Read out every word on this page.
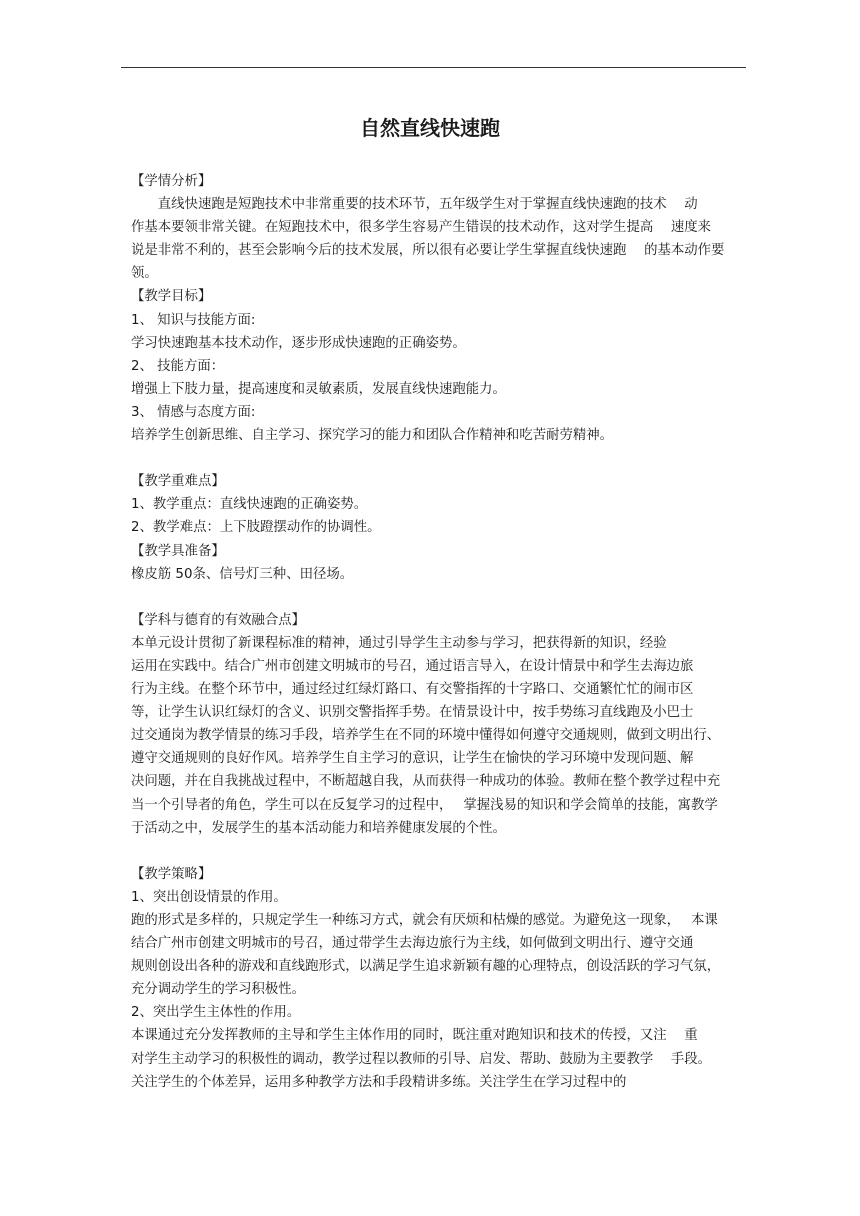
自然直线快速跑

【学情分析】

　　直线快速跑是短跑技术中非常重要的技术环节，五年级学生对于掌握直线快速跑的技术　 动

作基本要领非常关键。在短跑技术中，很多学生容易产生错误的技术动作，这对学生提高　 速度来

说是非常不利的，甚至会影响今后的技术发展，所以很有必要让学生掌握直线快速跑　 的基本动作要

领。

【教学目标】

1、 知识与技能方面:

学习快速跑基本技术动作，逐步形成快速跑的正确姿势。

2、 技能方面：

增强上下肢力量，提高速度和灵敏素质，发展直线快速跑能力。

3、 情感与态度方面:

培养学生创新思维、自主学习、探究学习的能力和团队合作精神和吃苦耐劳精神。

【教学重难点】

1、教学重点：直线快速跑的正确姿势。

2、教学难点：上下肢蹬摆动作的协调性。

【教学具准备】

橡皮筋 50条、信号灯三种、田径场。

【学科与德育的有效融合点】

本单元设计贯彻了新课程标准的精神，通过引导学生主动参与学习，把获得新的知识，经验

运用在实践中。结合广州市创建文明城市的号召，通过语言导入，在设计情景中和学生去海边旅

行为主线。在整个环节中，通过经过红绿灯路口、有交警指挥的十字路口、交通繁忙忙的闹市区

等，让学生认识红绿灯的含义、识别交警指挥手势。在情景设计中，按手势练习直线跑及小巴士

过交通岗为教学情景的练习手段，培养学生在不同的环境中懂得如何遵守交通规则，做到文明出行、

遵守交通规则的良好作风。培养学生自主学习的意识，让学生在愉快的学习环境中发现问题、解

决问题，并在自我挑战过程中，不断超越自我，从而获得一种成功的体验。教师在整个教学过程中充

当一个引导者的角色，学生可以在反复学习的过程中，　 掌握浅易的知识和学会简单的技能，寓教学

于活动之中，发展学生的基本活动能力和培养健康发展的个性。

【教学策略】

1、突出创设情景的作用。

跑的形式是多样的，只规定学生一种练习方式，就会有厌烦和枯燥的感觉。为避免这一现象，　 本课

结合广州市创建文明城市的号召，通过带学生去海边旅行为主线，如何做到文明出行、遵守交通

规则创设出各种的游戏和直线跑形式，以满足学生追求新颖有趣的心理特点，创设活跃的学习气氛，

充分调动学生的学习积极性。

2、突出学生主体性的作用。

本课通过充分发挥教师的主导和学生主体作用的同时，既注重对跑知识和技术的传授，又注　 重

对学生主动学习的积极性的调动，教学过程以教师的引导、启发、帮助、鼓励为主要教学　 手段。

关注学生的个体差异，运用多种教学方法和手段精讲多练。关注学生在学习过程中的
